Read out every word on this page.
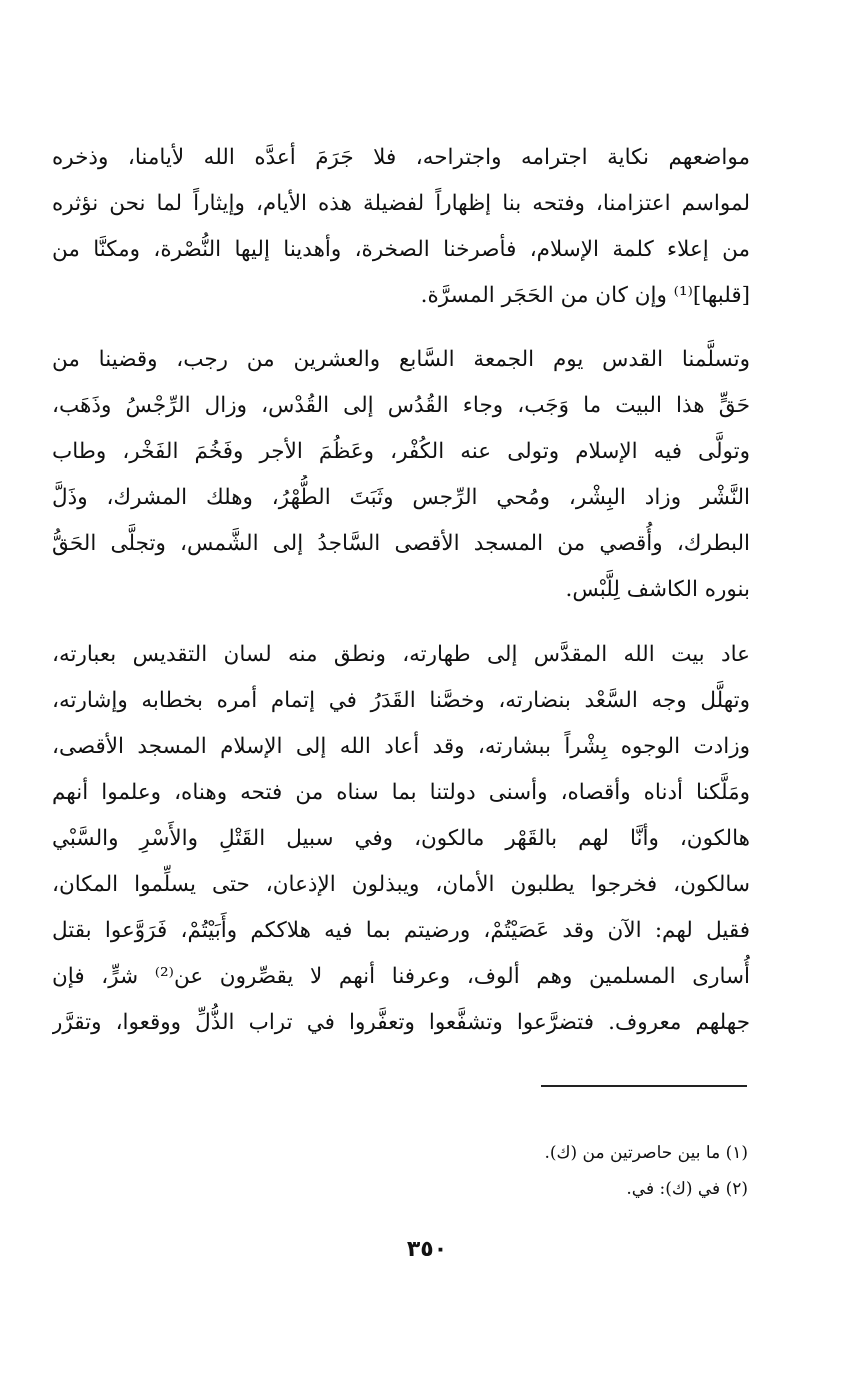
مواضعهم نكاية اجترامه واجتراحه، فلا جَرَمَ أعدَّه الله لأيامنا، وذخره
لمواسم اعتزامنا، وفتحه بنا إظهاراً لفضيلة هذه الأيام، وإيثاراً لما نحن نؤثره
من إعلاء كلمة الإسلام، فأصرخنا الصخرة، وأهدينا إليها النُّصْرة، ومكنَّا من
[قلبها]⁽¹⁾ وإن كان من الحَجَر المسرَّة.
وتسلَّمنا القدس يوم الجمعة السَّابع والعشرين من رجب، وقضينا من
حَقٍّ هذا البيت ما وَجَب، وجاء القُدُس إلى القُدْس، وزال الرِّجْسُ وذَهَب،
وتولَّى فيه الإسلام وتولى عنه الكُفْر، وعَظُمَ الأجر وفَخُمَ الفَخْر، وطاب
النَّشْر وزاد البِشْر، ومُحي الرِّجس وثَبَتَ الطُّهْرُ، وهلك المشرك، وذَلَّ
البطرك، وأُقصي من المسجد الأقصى السَّاجدُ إلى الشَّمس، وتجلَّى الحَقُّ
بنوره الكاشف لِلَّبْس.
عاد بيت الله المقدَّس إلى طهارته، ونطق منه لسان التقديس بعبارته،
وتهلَّل وجه السَّعْد بنضارته، وخصَّنا القَدَرُ في إتمام أمره بخطابه وإشارته،
وزادت الوجوه بِشْراً ببشارته، وقد أعاد الله إلى الإسلام المسجد الأقصى،
ومَلَّكنا أدناه وأقصاه، وأسنى دولتنا بما سناه من فتحه وهناه، وعلموا أنهم
هالكون، وأنَّا لهم بالقَهْر مالكون، وفي سبيل القَتْلِ والأَسْرِ والسَّبْي
سالكون، فخرجوا يطلبون الأمان، ويبذلون الإذعان، حتى يسلِّموا المكان،
فقيل لهم: الآن وقد عَصَيْتُمْ، ورضيتم بما فيه هلاككم وأَبَيْتُمْ، فَرَوَّعوا بقتل
أُسارى المسلمين وهم ألوف، وعرفنا أنهم لا يقصِّرون عن⁽²⁾ شرٍّ، فإن
جهلهم معروف. فتضرَّعوا وتشفَّعوا وتعفَّروا في تراب الذُّلِّ ووقعوا، وتقرَّر
(١) ما بين حاصرتين من (ك).
(٢) في (ك): في.
٣٥٠
